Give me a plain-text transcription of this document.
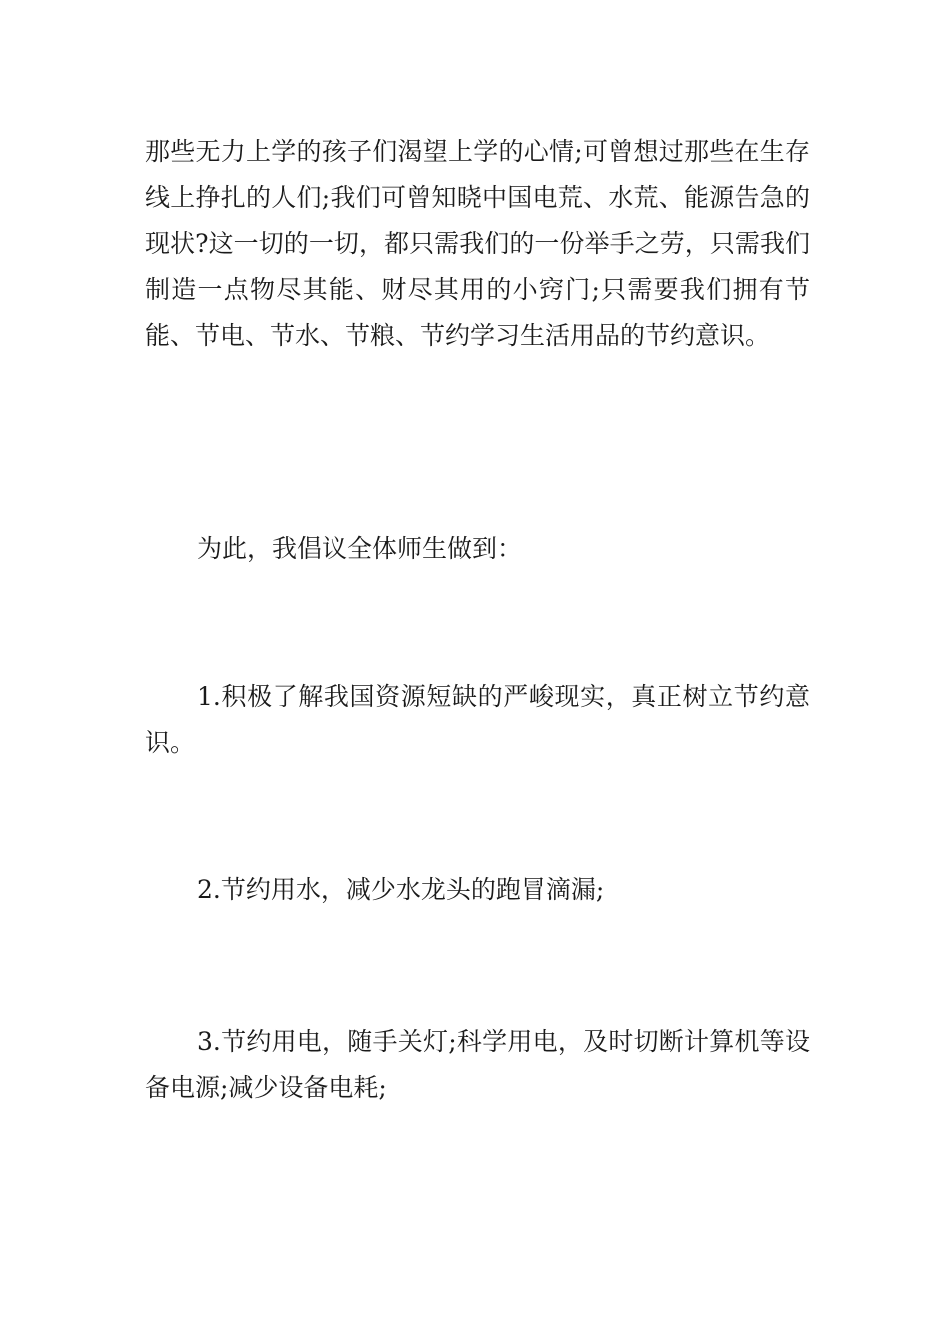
那些无力上学的孩子们渴望上学的心情;可曾想过那些在生存线上挣扎的人们;我们可曾知晓中国电荒、水荒、能源告急的现状?这一切的一切，都只需我们的一份举手之劳，只需我们制造一点物尽其能、财尽其用的小窍门;只需要我们拥有节能、节电、节水、节粮、节约学习生活用品的节约意识。

为此，我倡议全体师生做到：

1.积极了解我国资源短缺的严峻现实，真正树立节约意识。

2.节约用水，减少水龙头的跑冒滴漏;

3.节约用电，随手关灯;科学用电，及时切断计算机等设备电源;减少设备电耗;
